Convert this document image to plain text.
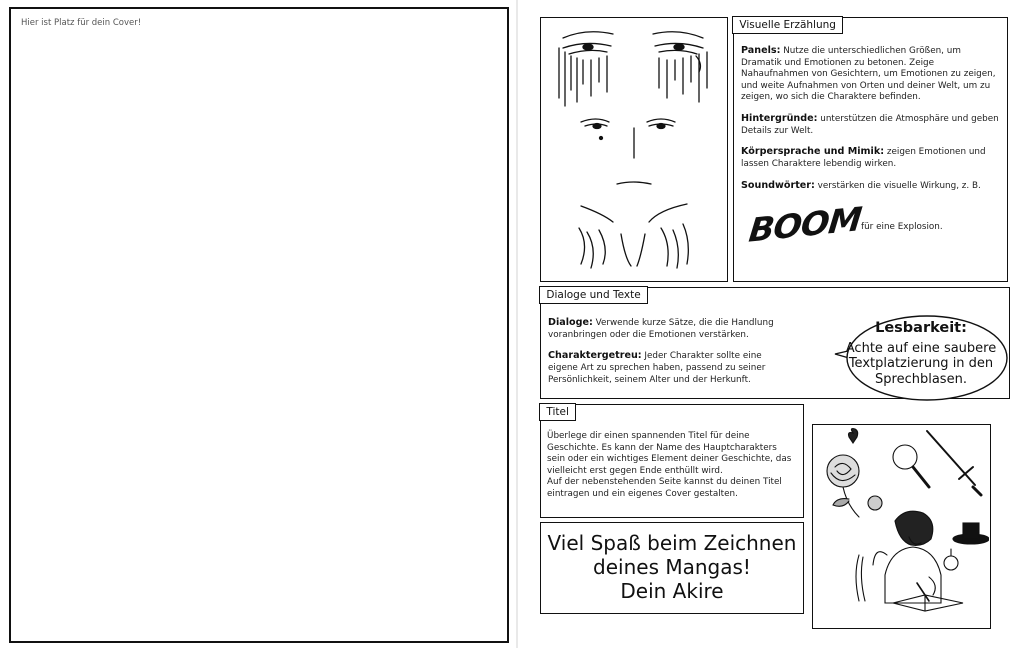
Hier ist Platz für dein Cover!	Visuelle Erzählung
Panels: Nutze die unterschiedlichen Größen, um Dramatik und Emotionen zu betonen. Zeige Nahaufnahmen von Gesichtern, um Emotionen zu zeigen, und weite Aufnahmen von Orten und deiner Welt, um zu zeigen, wo sich die Charaktere befinden.
Hintergründe: unterstützen die Atmosphäre und geben Details zur Welt.
Körpersprache und Mimik: zeigen Emotionen und lassen Charaktere lebendig wirken.
Soundwörter: verstärken die visuelle Wirkung, z. B.
BOOM
für eine Explosion.
Dialoge und Texte
Dialoge: Verwende kurze Sätze, die die Handlung voranbringen oder die Emotionen verstärken.
Charaktergetreu: Jeder Charakter sollte eine eigene Art zu sprechen haben, passend zu seiner Persönlichkeit, seinem Alter und der Herkunft.
Lesbarkeit:
Achte auf eine saubere Textplatzierung in den Sprechblasen.
Titel
Überlege dir einen spannenden Titel für deine Geschichte. Es kann der Name des Hauptcharakters sein oder ein wichtiges Element deiner Geschichte, das vielleicht erst gegen Ende enthüllt wird.
Auf der nebenstehenden Seite kannst du deinen Titel eintragen und ein eigenes Cover gestalten.
Viel Spaß beim Zeichnen
deines Mangas!
Dein Akire
